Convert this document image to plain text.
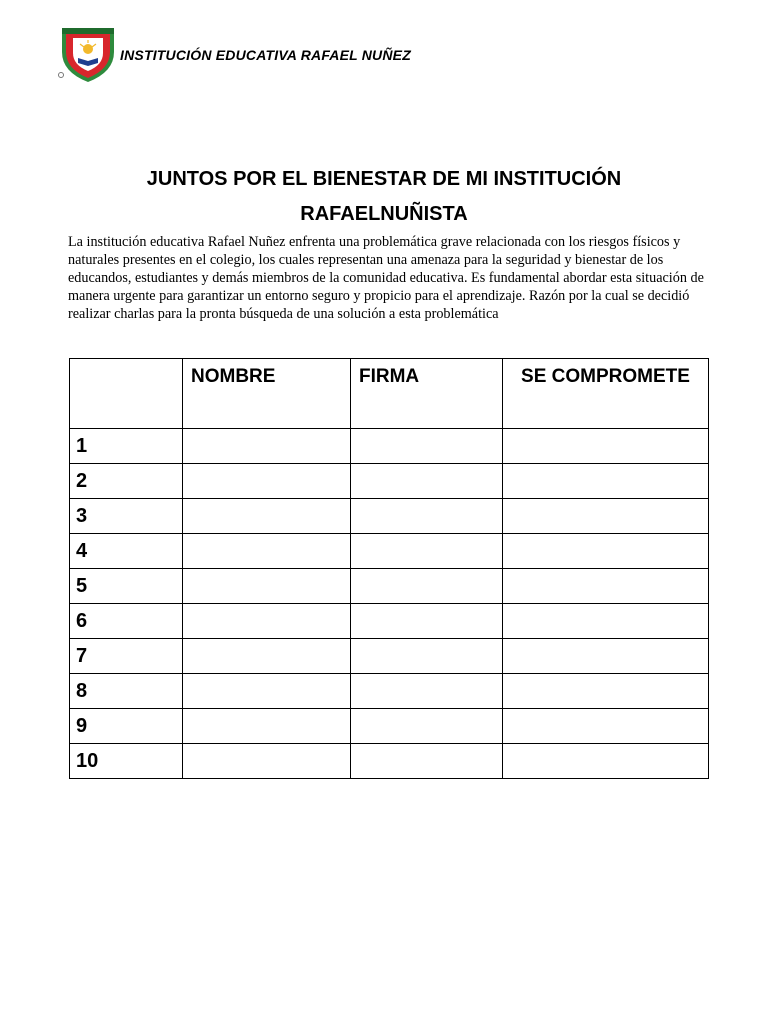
INSTITUCIÓN EDUCATIVA RAFAEL NUÑEZ
JUNTOS POR EL BIENESTAR DE MI INSTITUCIÓN RAFAELNUÑISTA

La institución educativa Rafael Nuñez enfrenta una problemática grave relacionada con los riesgos físicos y naturales presentes en el colegio, los cuales representan una amenaza para la seguridad y bienestar de los educandos, estudiantes y demás miembros de la comunidad educativa. Es fundamental abordar esta situación de manera urgente para garantizar un entorno seguro y propicio para el aprendizaje. Razón por la cual se decidió realizar charlas para la pronta búsqueda de una solución a esta problemática

	NOMBRE	FIRMA	SE COMPROMETE
1			
2			
3			
4			
5			
6			
7			
8			
9			
10			
